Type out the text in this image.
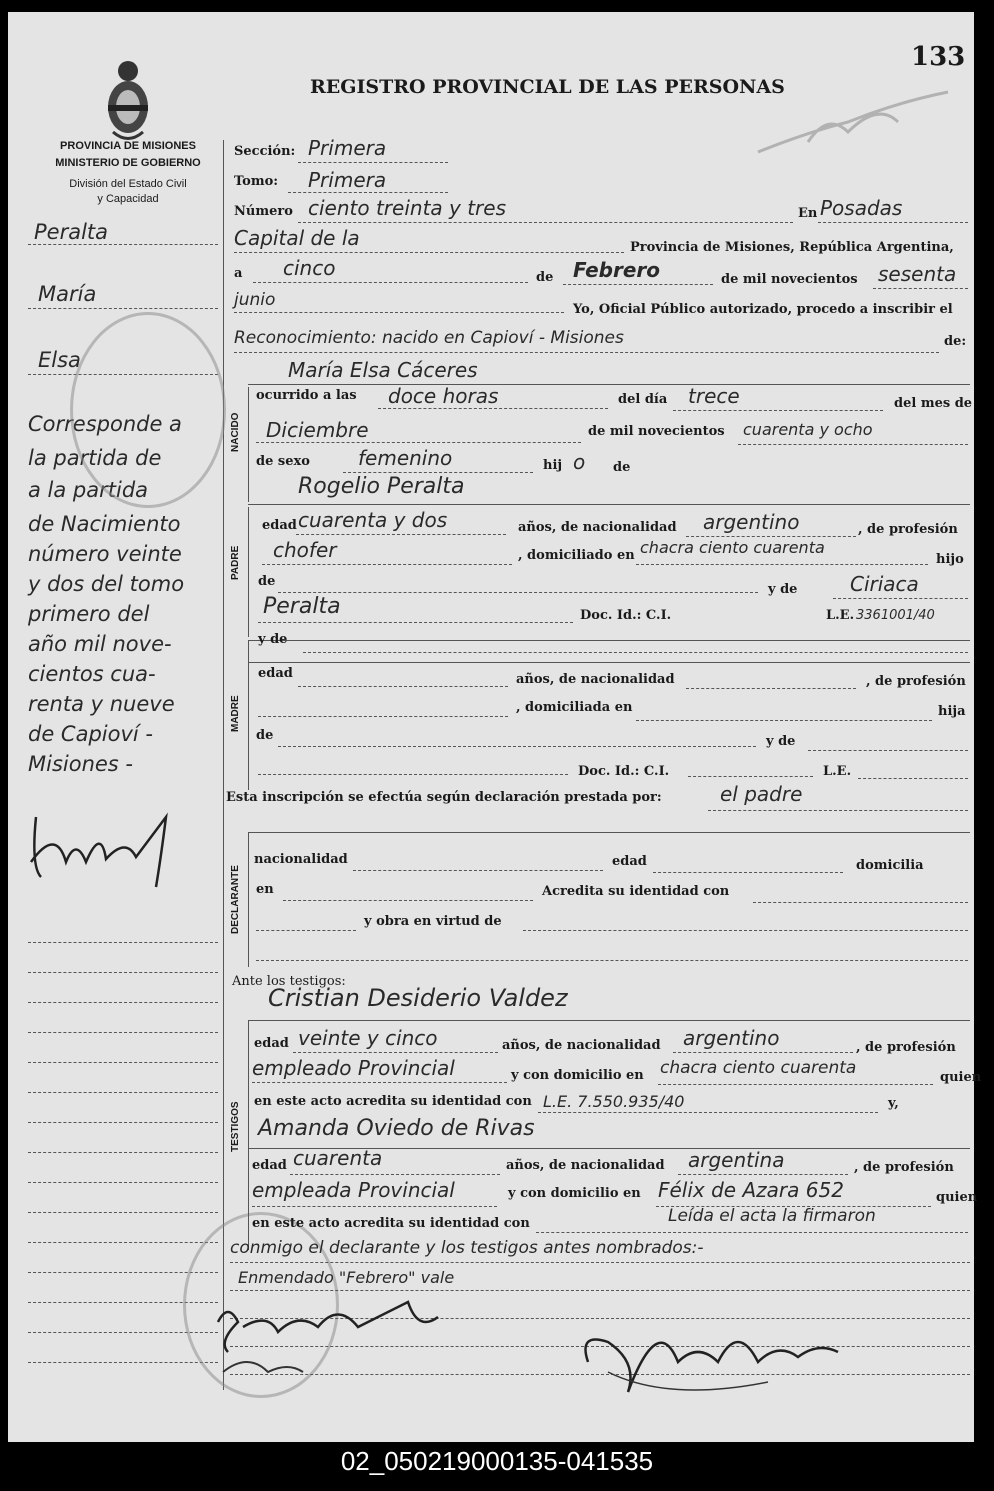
REGISTRO PROVINCIAL DE LAS PERSONAS
133
PROVINCIA DE MISIONES
MINISTERIO DE GOBIERNO
División del Estado Civil
y Capacidad
Peralta
María
Elsa
Corresponde a
la partida de
a la partida
de Nacimiento
número veinte
y dos del tomo
primero del
año mil nove-
cientos cua-
renta y nueve
de Capioví -
Misiones -
Sección: Primera
Tomo: Primera
Número ciento treinta y tres	En Posadas
Capital de la	Provincia de Misiones, República Argentina,
a cinco	de Febrero	de mil novecientos sesenta
junio	Yo, Oficial Público autorizado, procedo a inscribir el
Reconocimiento: nacido en Capioví - Misiones	de:
María Elsa Cáceres
NACIDO
ocurrido a las doce horas	del día trece	del mes de
Diciembre	de mil novecientos cuarenta y ocho
de sexo femenino	hij o de
Rogelio Peralta
PADRE
edad cuarenta y dos	años, de nacionalidad argentino	, de profesión
chofer	, domiciliado en chacra ciento cuarenta
hijo
de
y de	Ciriaca
Peralta	Doc. Id.: C.I.	L.E. 3361001/40
MADRE
y de
edad	años, de nacionalidad	, de profesión
, domiciliada en	hija
de	y de
Doc. Id.: C.I.	L.E.
Esta inscripción se efectúa según declaración prestada por:	el padre
DECLARANTE
nacionalidad	edad	domicilia
en	Acredita su identidad con
y obra en virtud de
Ante los testigos:
Cristian Desiderio Valdez
TESTIGOS
edad veinte y cinco	años, de nacionalidad argentino	, de profesión
empleado Provincial	y con domicilio en chacra ciento cuarenta	quien
en este acto acredita su identidad con L.E. 7.550.935/40	y,
Amanda Oviedo de Rivas
edad cuarenta	años, de nacionalidad argentina	, de profesión
empleada Provincial	y con domicilio en Félix de Azara 652	quien
en este acto acredita su identidad con	Leída el acta la firmaron
conmigo el declarante y los testigos antes nombrados:-
Enmendado "Febrero" vale
02_050219000135-041535
